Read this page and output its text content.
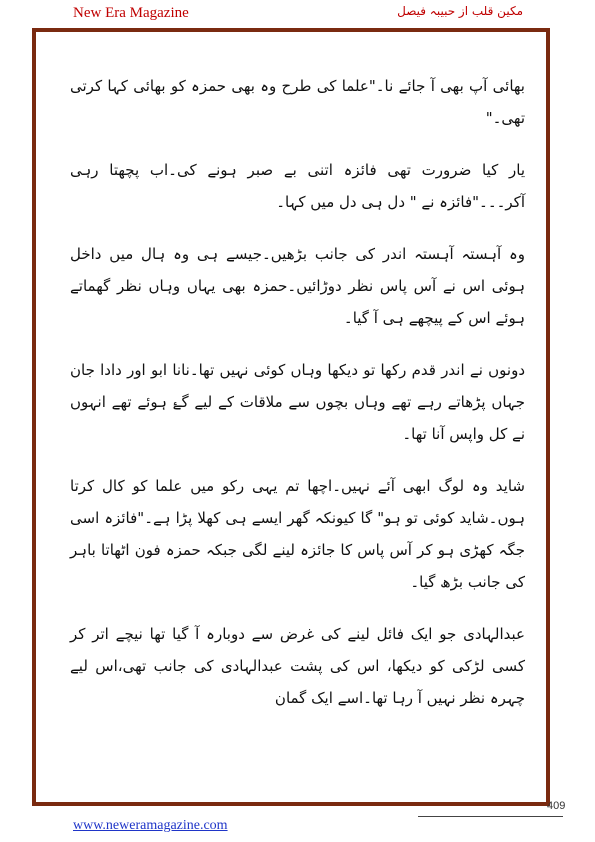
New Era Magazine	مکین قلب از حبیبہ فیصل

بھائی آپ بھی آ جائے نا۔"علما کی طرح وہ بھی حمزہ کو بھائی کہا کرتی تھی۔"

یار کیا ضرورت تھی فائزہ اتنی بے صبر ہونے کی۔اب پچھتا رہی آکر۔۔۔"فائزہ نے " دل ہی دل میں کہا۔

وہ آہستہ آہستہ اندر کی جانب بڑھیں۔جیسے ہی وہ ہال میں داخل ہوئی اس نے آس پاس نظر دوڑائیں۔حمزہ بھی یہاں وہاں نظر گھماتے ہوئے اس کے پیچھے ہی آ گیا۔

دونوں نے اندر قدم رکھا تو دیکھا وہاں کوئی نہیں تھا۔نانا ابو اور دادا جان جہاں پڑھاتے رہے تھے وہاں بچوں سے ملاقات کے لیے گۓ ہوئے تھے انہوں نے کل واپس آنا تھا۔

شاید وہ لوگ ابھی آئے نہیں۔اچھا تم یہی رکو میں علما کو کال کرتا ہوں۔شاید کوئی تو ہو" گا کیونکہ گھر ایسے ہی کھلا پڑا ہے۔"فائزہ اسی جگہ کھڑی ہو کر آس پاس کا جائزہ لینے لگی جبکہ حمزہ فون اٹھاتا باہر کی جانب بڑھ گیا۔

عبدالہادی جو ایک فائل لینے کی غرض سے دوبارہ آ گیا تھا نیچے اتر کر کسی لڑکی کو دیکھا، اس کی پشت عبدالہادی کی جانب تھی،اس لیے چہرہ نظر نہیں آ رہا تھا۔اسے ایک گمان

409
www.neweramagazine.com
